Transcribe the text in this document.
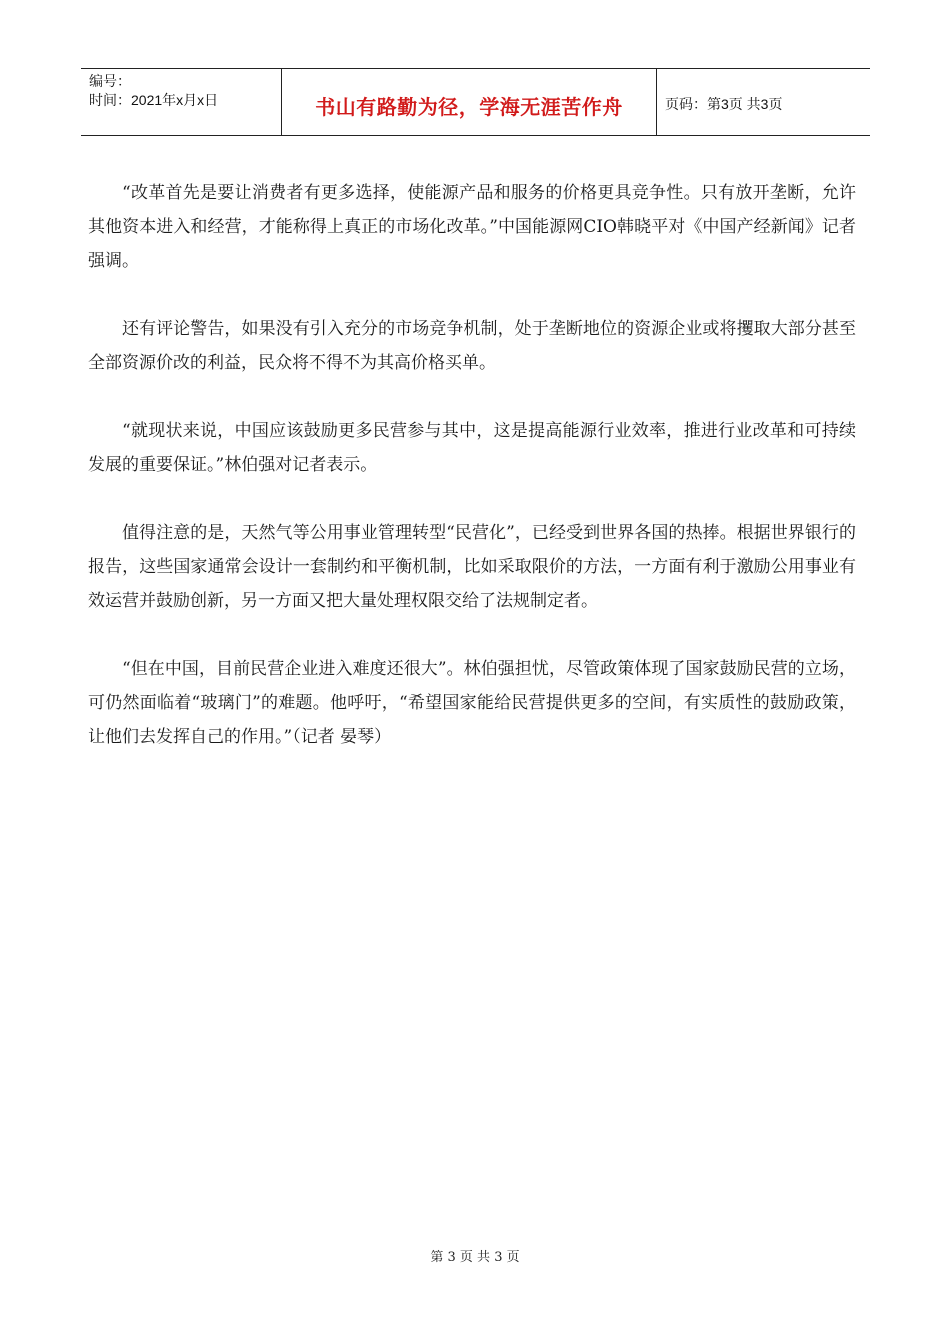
编号：
时间：2021年x月x日	书山有路勤为径，学海无涯苦作舟	页码：第3页 共3页

“改革首先是要让消费者有更多选择，使能源产品和服务的价格更具竞争性。只有放开垄断，允许其他资本进入和经营，才能称得上真正的市场化改革。”中国能源网CIO韩晓平对《中国产经新闻》记者强调。

还有评论警告，如果没有引入充分的市场竞争机制，处于垄断地位的资源企业或将攫取大部分甚至全部资源价改的利益，民众将不得不为其高价格买单。

“就现状来说，中国应该鼓励更多民营参与其中，这是提高能源行业效率，推进行业改革和可持续发展的重要保证。”林伯强对记者表示。

值得注意的是，天然气等公用事业管理转型“民营化”，已经受到世界各国的热捧。根据世界银行的报告，这些国家通常会设计一套制约和平衡机制，比如采取限价的方法，一方面有利于激励公用事业有效运营并鼓励创新，另一方面又把大量处理权限交给了法规制定者。

“但在中国，目前民营企业进入难度还很大”。林伯强担忧，尽管政策体现了国家鼓励民营的立场，可仍然面临着“玻璃门”的难题。他呼吁，“希望国家能给民营提供更多的空间，有实质性的鼓励政策，让他们去发挥自己的作用。”（记者 晏琴）

第 3 页 共 3 页
